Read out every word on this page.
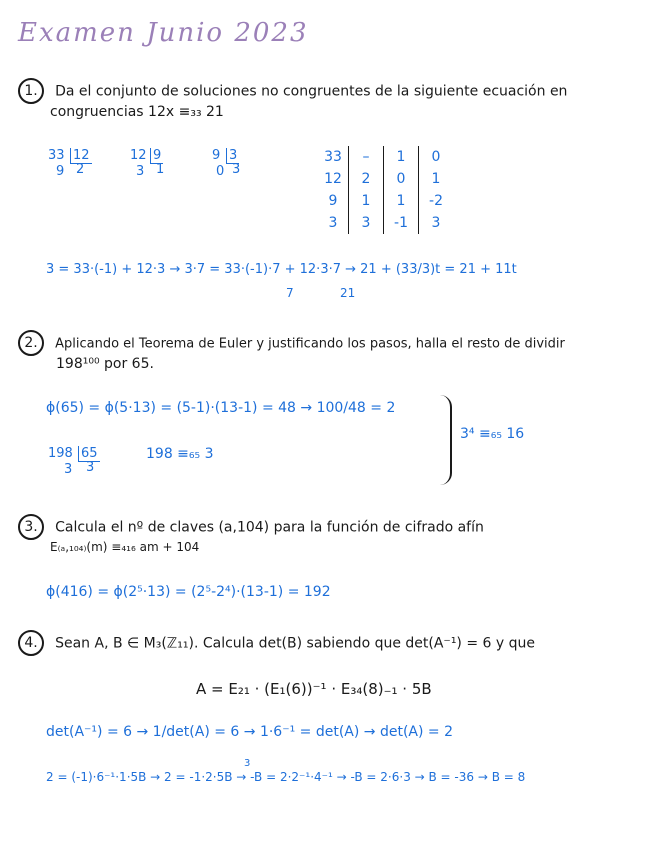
Examen Junio 2023
1. Da el conjunto de soluciones no congruentes de la siguiente ecuación en
congruencias 12x ≡₃₃ 21
33 12
9 2
12 9
3 1
9 3
0 3
33	–	1	0
12	2	0	1
9	1	1	-2
3	3	-1	3
3 = 33·(-1) + 12·3 → 3·7 = 33·(-1)·7 + 12·3·7 → 21 + (33/3)t = 21 + 11t
7	21
2. Aplicando el Teorema de Euler y justificando los pasos, halla el resto de dividir
198¹⁰⁰ por 65.
ϕ(65) = ϕ(5·13) = (5-1)·(13-1) = 48 → 100/48 = 2
198 65
3 3
198 ≡₆₅ 3
3⁴ ≡₆₅ 16
3. Calcula el nº de claves (a,104) para la función de cifrado afín
E₍ₐ,₁₀₄₎(m) ≡₄₁₆ am + 104
ϕ(416) = ϕ(2⁵·13) = (2⁵-2⁴)·(13-1) = 192
4. Sean A, B ∈ M₃(ℤ₁₁). Calcula det(B) sabiendo que det(A⁻¹) = 6 y que
A = E₂₁ · (E₁(6))⁻¹ · E₃₄(8)₋₁ · 5B
det(A⁻¹) = 6 → 1/det(A) = 6 → 1·6⁻¹ = det(A) → det(A) = 2
3
2 = (-1)·6⁻¹·1·5B → 2 = -1·2·5B → -B = 2·2⁻¹·4⁻¹ → -B = 2·6·3 → B = -36 → B = 8
